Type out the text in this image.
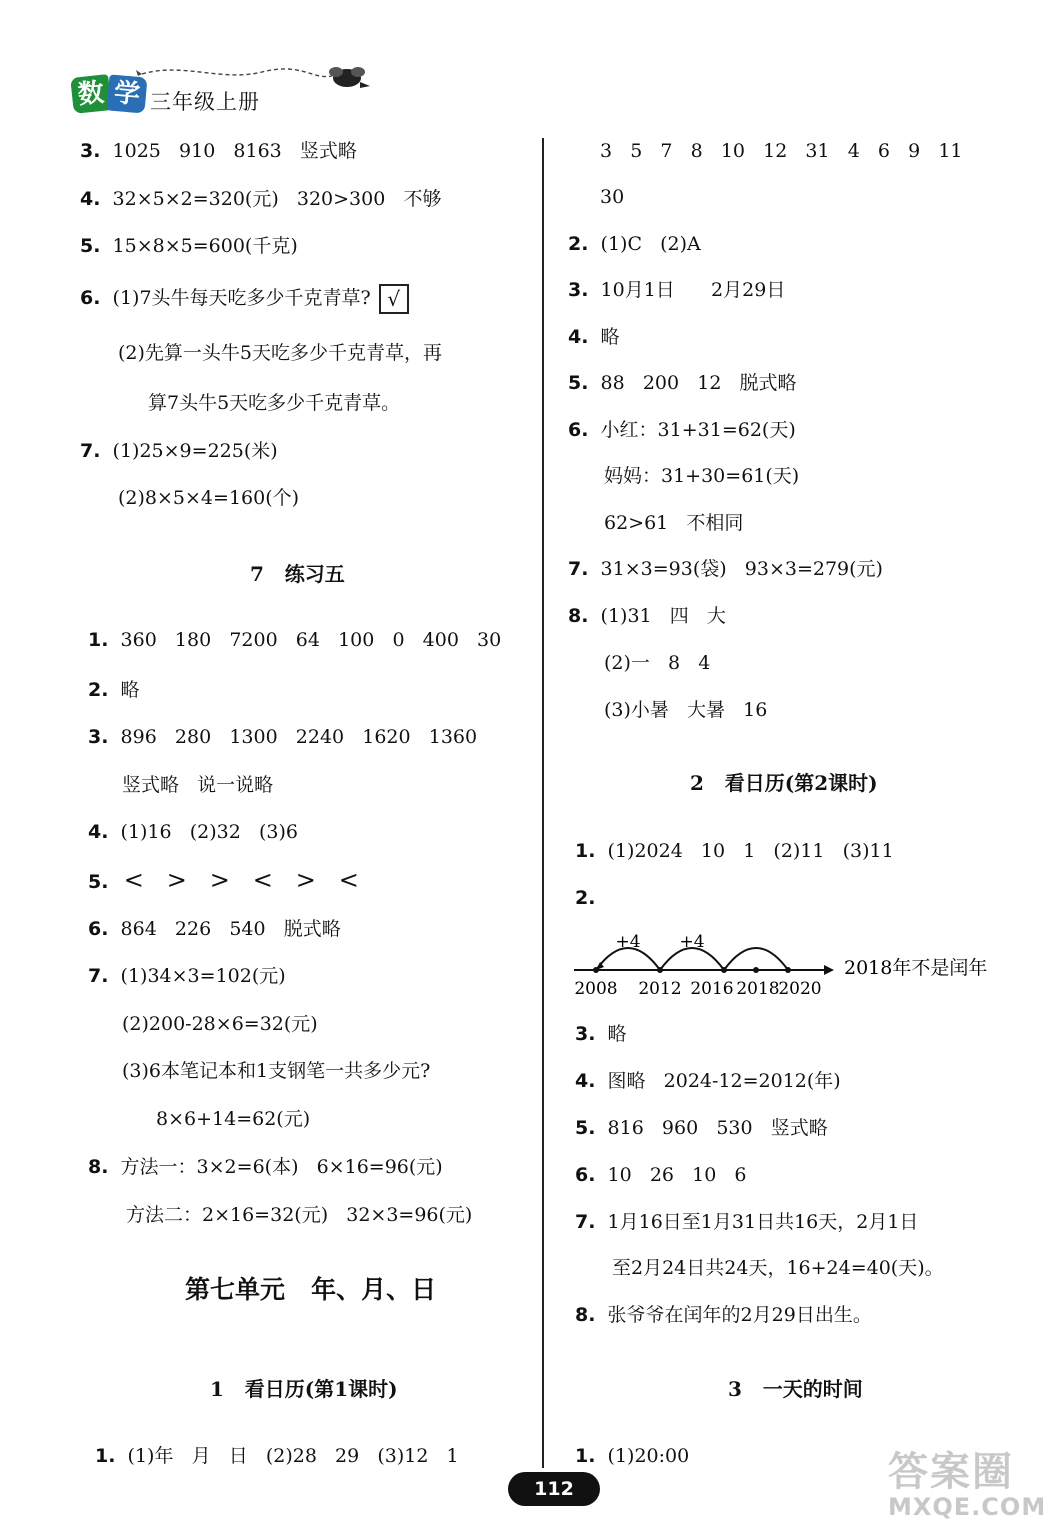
数 学 三年级上册
3. 1025   910   8163   竖式略
4. 32×5×2=320(元)   320>300   不够
5. 15×8×5=600(千克)
6. (1)7头牛每天吃多少千克青草? √
(2)先算一头牛5天吃多少千克青草，再
算7头牛5天吃多少千克青草。
7. (1)25×9=225(米)
(2)8×5×4=160(个)
7   练习五
1. 360   180   7200   64   100   0   400   30
2. 略
3. 896   280   1300   2240   1620   1360
竖式略   说一说略
4. (1)16   (2)32   (3)6
5. <   >   >   <   >   <
6. 864   226   540   脱式略
7. (1)34×3=102(元)
(2)200-28×6=32(元)
(3)6本笔记本和1支钢笔一共多少元?
8×6+14=62(元)
8. 方法一：3×2=6(本)   6×16=96(元)
方法二：2×16=32(元)   32×3=96(元)
第七单元   年、月、日
1   看日历(第1课时)
1. (1)年   月   日   (2)28   29   (3)12   1
3   5   7   8   10   12   31   4   6   9   11
30
2. (1)C   (2)A
3. 10月1日      2月29日
4. 略
5. 88   200   12   脱式略
6. 小红：31+31=62(天)
妈妈：31+30=61(天)
62>61   不相同
7. 31×3=93(袋)   93×3=279(元)
8. (1)31   四   大
(2)一   8   4
(3)小暑   大暑   16
2   看日历(第2课时)
1. (1)2024   10   1   (2)11   (3)11
2.
+4 +4
2008 2012 2016 2018
2020
2018年不是闰年
3. 略
4. 图略   2024-12=2012(年)
5. 816   960   530   竖式略
6. 10   26   10   6
7. 1月16日至1月31日共16天，2月1日
至2月24日共24天，16+24=40(天)。
8. 张爷爷在闰年的2月29日出生。
3   一天的时间
1. (1)20:00
112	答案圈
MXQE.COM
